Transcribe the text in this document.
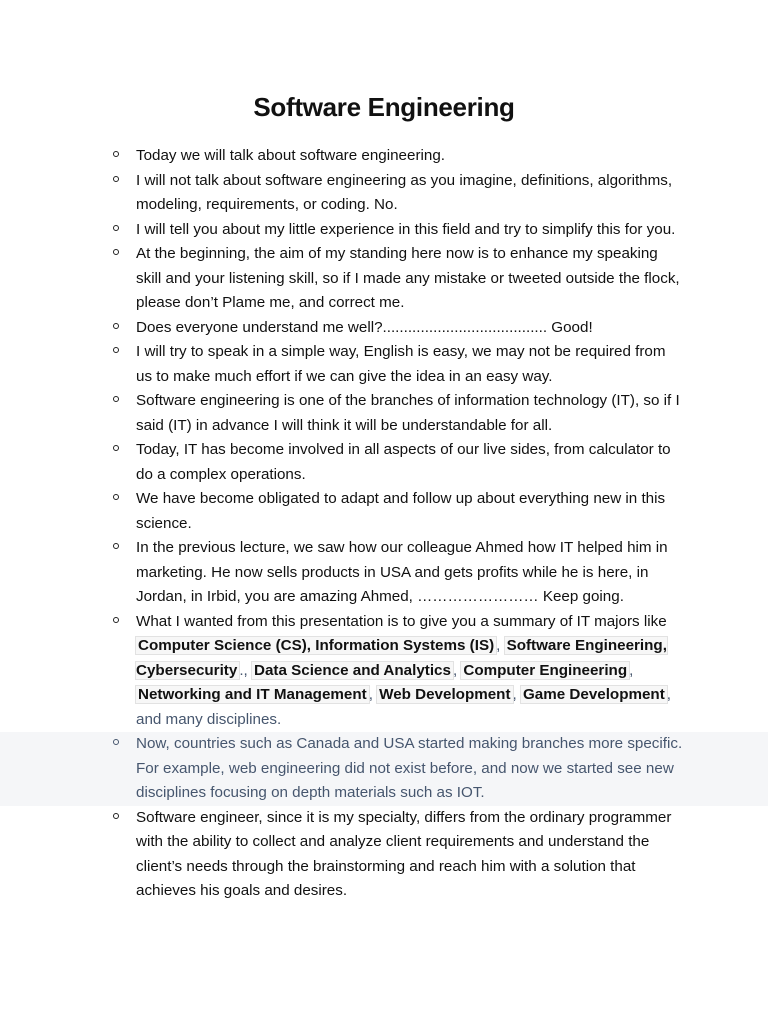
Software Engineering
Today we will talk about software engineering.
I will not talk about software engineering as you imagine, definitions, algorithms, modeling, requirements, or coding. No.
I will tell you about my little experience in this field and try to simplify this for you.
At the beginning, the aim of my standing here now is to enhance my speaking skill and your listening skill, so if I made any mistake or tweeted outside the flock, please don’t Plame me, and correct me.
Does everyone understand me well?....................................... Good!
I will try to speak in a simple way, English is easy, we may not be required from us to make much effort if we can give the idea in an easy way.
Software engineering is one of the branches of information technology (IT), so if I said (IT) in advance I will think it will be understandable for all.
Today, IT has become involved in all aspects of our live sides, from calculator to do a complex operations.
We have become obligated to adapt and follow up about everything new in this science.
In the previous lecture, we saw how our colleague Ahmed how IT helped him in marketing. He now sells products in USA and gets profits while he is here, in Jordan, in Irbid, you are amazing Ahmed, …………………… Keep going.
What I wanted from this presentation is to give you a summary of IT majors like Computer Science (CS), Information Systems (IS) , Software Engineering, Cybersecurity ., Data Science and Analytics , Computer Engineering , Networking and IT Management , Web Development , Game Development , and many disciplines.
Now, countries such as Canada and USA started making branches more specific. For example, web engineering did not exist before, and now we started see new disciplines focusing on depth materials such as IOT.
Software engineer, since it is my specialty, differs from the ordinary programmer with the ability to collect and analyze client requirements and understand the client’s needs through the brainstorming and reach him with a solution that achieves his goals and desires.
